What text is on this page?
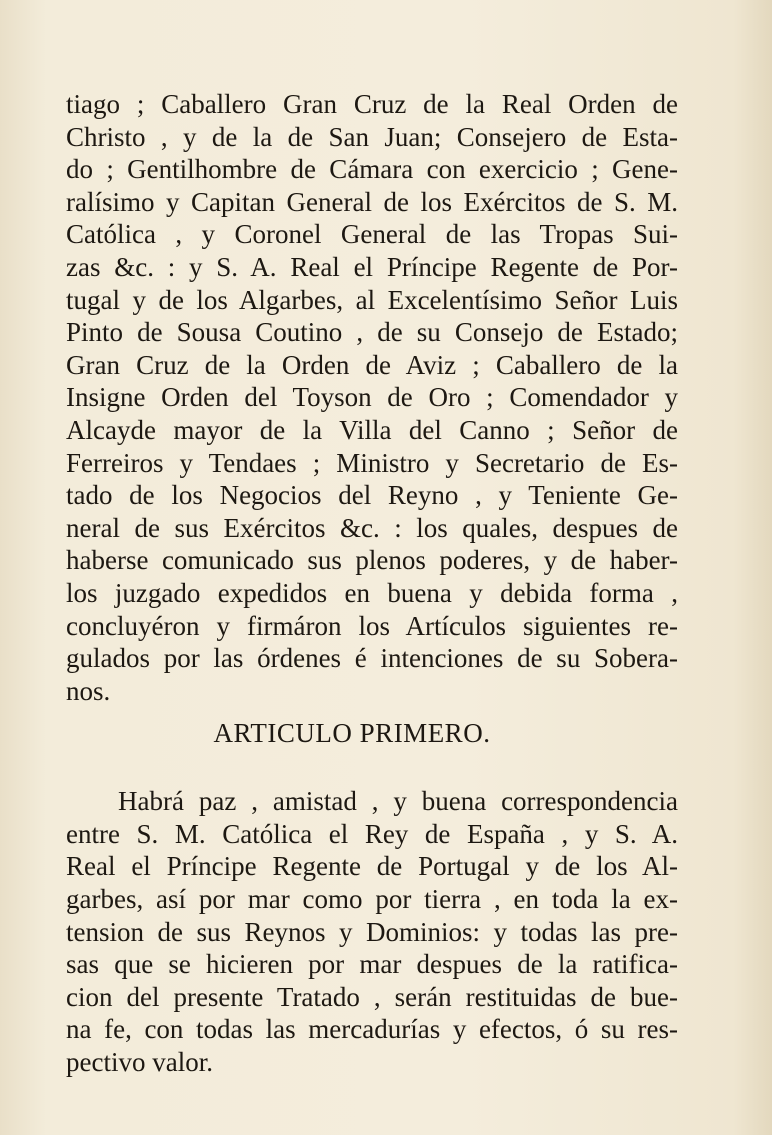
tiago ; Caballero Gran Cruz de la Real Orden de
Christo , y de la de San Juan; Consejero de Esta-
do ; Gentilhombre de Cámara con exercicio ; Gene-
ralísimo y Capitan General de los Exércitos de S. M.
Católica , y Coronel General de las Tropas Sui-
zas &c. : y S. A. Real el Príncipe Regente de Por-
tugal y de los Algarbes, al Excelentísimo Señor Luis
Pinto de Sousa Coutino , de su Consejo de Estado;
Gran Cruz de la Orden de Aviz ; Caballero de la
Insigne Orden del Toyson de Oro ; Comendador y
Alcayde mayor de la Villa del Canno ; Señor de
Ferreiros y Tendaes ; Ministro y Secretario de Es-
tado de los Negocios del Reyno , y Teniente Ge-
neral de sus Exércitos &c. : los quales, despues de
haberse comunicado sus plenos poderes, y de haber-
los juzgado expedidos en buena y debida forma ,
concluyéron y firmáron los Artículos siguientes re-
gulados por las órdenes é intenciones de su Sobera-
nos.
ARTICULO PRIMERO.
Habrá paz , amistad , y buena correspondencia
entre S. M. Católica el Rey de España , y S. A.
Real el Príncipe Regente de Portugal y de los Al-
garbes, así por mar como por tierra , en toda la ex-
tension de sus Reynos y Dominios: y todas las pre-
sas que se hicieren por mar despues de la ratifica-
cion del presente Tratado , serán restituidas de bue-
na fe, con todas las mercadurías y efectos, ó su res-
pectivo valor.
